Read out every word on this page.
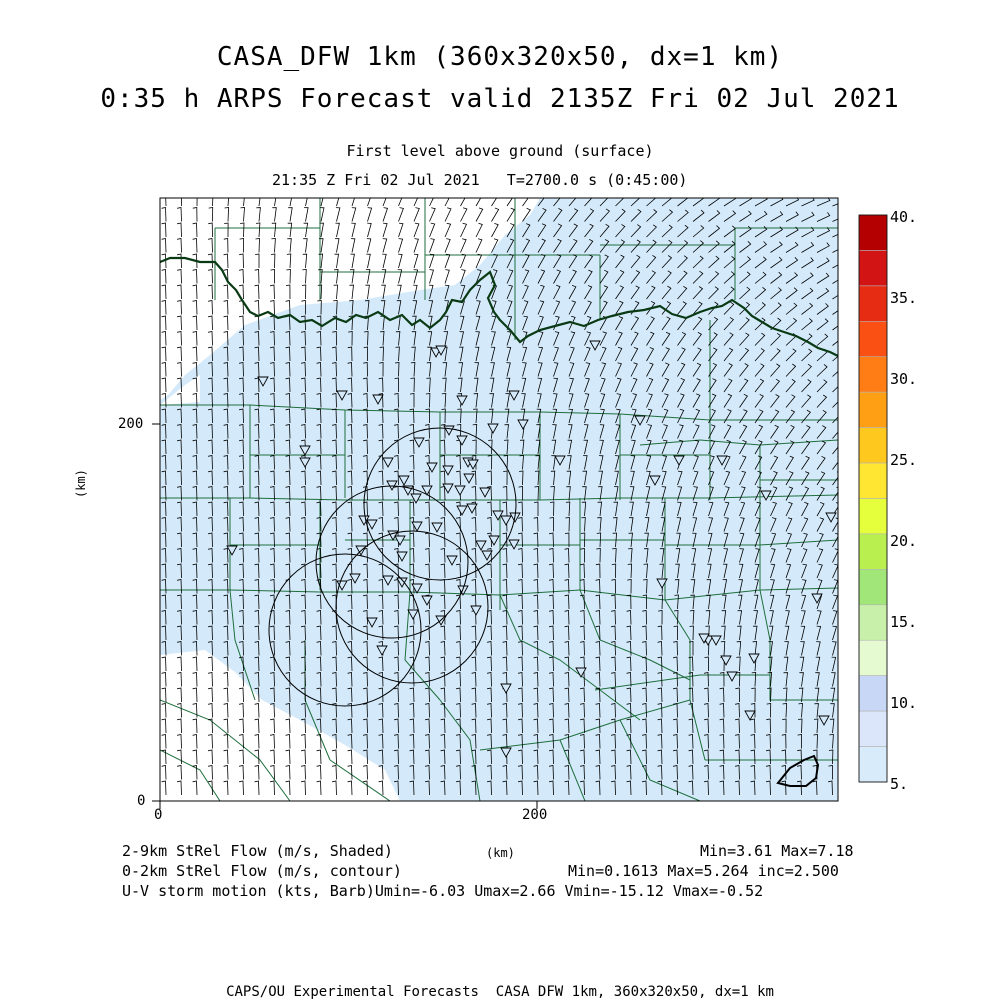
CASA_DFW 1km (360x320x50, dx=1 km)
0:35 h ARPS Forecast valid 2135Z Fri 02 Jul 2021
First level above ground (surface)
21:35 Z Fri 02 Jul 2021   T=2700.0 s (0:45:00)
0	200
0
200
(km)
40.
35.
30.
25.
20.
15.
10.
5.
2-9km StRel Flow (m/s, Shaded)	(km)	Min=3.61 Max=7.18
0-2km StRel Flow (m/s, contour)	Min=0.1613 Max=5.264 inc=2.500
U-V storm motion (kts, Barb)Umin=-6.03 Umax=2.66 Vmin=-15.12 Vmax=-0.52
CAPS/OU Experimental Forecasts  CASA DFW 1km, 360x320x50, dx=1 km
